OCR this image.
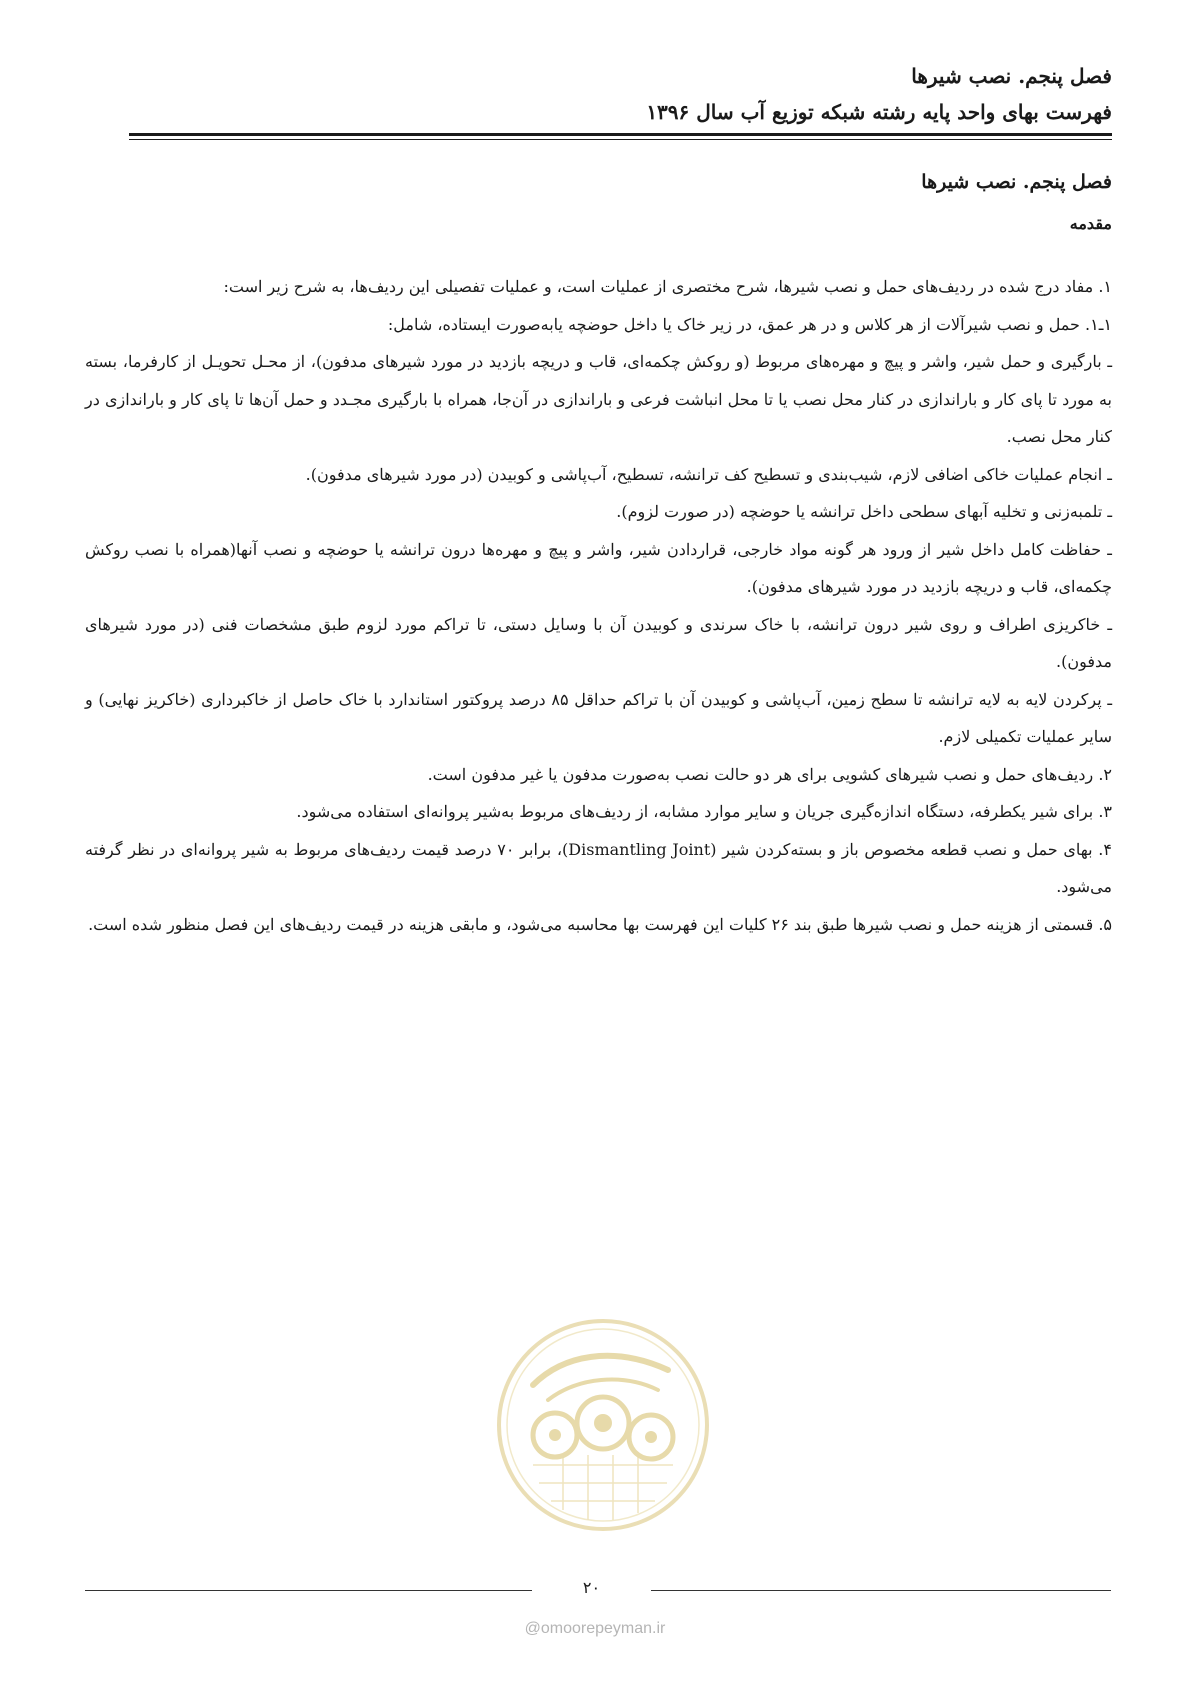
فصل پنجم. نصب شیرها
فهرست بهای واحد پایه رشته شبکه توزیع آب سال ۱۳۹۶
فصل پنجم. نصب شیرها
مقدمه

۱. مفاد درج شده در ردیف‌های حمل و نصب شیرها، شرح مختصری از عملیات است، و عملیات تفصیلی این ردیف‌ها، به شرح زیر است:

۱ـ۱. حمل و نصب شیرآلات از هر کلاس و در هر عمق، در زیر خاک یا داخل حوضچه یابه‌صورت ایستاده، شامل:

ـ بارگیری و حمل شیر، واشر و پیچ و مهره‌های مربوط (و روکش چکمه‌ای، قاب و دریچه بازدید در مورد شیرهای مدفون)، از محـل تحویـل از کارفرما، بسته به مورد تا پای کار و باراندازی در کنار محل نصب یا تا محل انباشت فرعی و باراندازی در آن‌جا، همراه با بارگیری مجـدد و حمل آن‌ها تا پای کار و باراندازی در کنار محل نصب.

ـ انجام عملیات خاکی اضافی لازم، شیب‌بندی و تسطیح کف ترانشه، تسطیح، آب‌پاشی و کوبیدن (در مورد شیرهای مدفون).

ـ تلمبه‌زنی و تخلیه آبهای سطحی داخل ترانشه یا حوضچه (در صورت لزوم).

ـ حفاظت کامل داخل شیر از ورود هر گونه مواد خارجی، قراردادن شیر، واشر و پیچ و مهره‌ها درون ترانشه یا حوضچه و نصب آنها(همراه با نصب روکش چکمه‌ای، قاب و دریچه بازدید در مورد شیرهای مدفون).

ـ خاکریزی اطراف و روی شیر درون ترانشه، با خاک سرندی و کوبیدن آن با وسایل دستی، تا تراکم مورد لزوم طبق مشخصات فنی (در مورد شیرهای مدفون).

ـ پرکردن لایه به لایه ترانشه تا سطح زمین، آب‌پاشی و کوبیدن آن با تراکم حداقل ۸۵ درصد پروکتور استاندارد با خاک حاصل از خاکبرداری (خاکریز نهایی) و سایر عملیات تکمیلی لازم.

۲. ردیف‌های حمل و نصب شیرهای کشویی برای هر دو حالت نصب به‌صورت مدفون یا غیر مدفون است.

۳. برای شیر یکطرفه، دستگاه اندازه‌گیری جریان و سایر موارد مشابه، از ردیف‌های مربوط به‌شیر پروانه‌ای استفاده می‌شود.

۴. بهای حمل و نصب قطعه مخصوص باز و بسته‌کردن شیر (Dismantling Joint)، برابر ۷۰ درصد قیمت ردیف‌های مربوط به شیر پروانه‌ای در نظر گرفته می‌شود.

۵. قسمتی از هزینه حمل و نصب شیرها طبق بند ۲۶ کلیات این فهرست بها محاسبه می‌شود، و مابقی هزینه در قیمت ردیف‌های این فصل منظور شده است.

۲۰
@omoorepeyman.ir
